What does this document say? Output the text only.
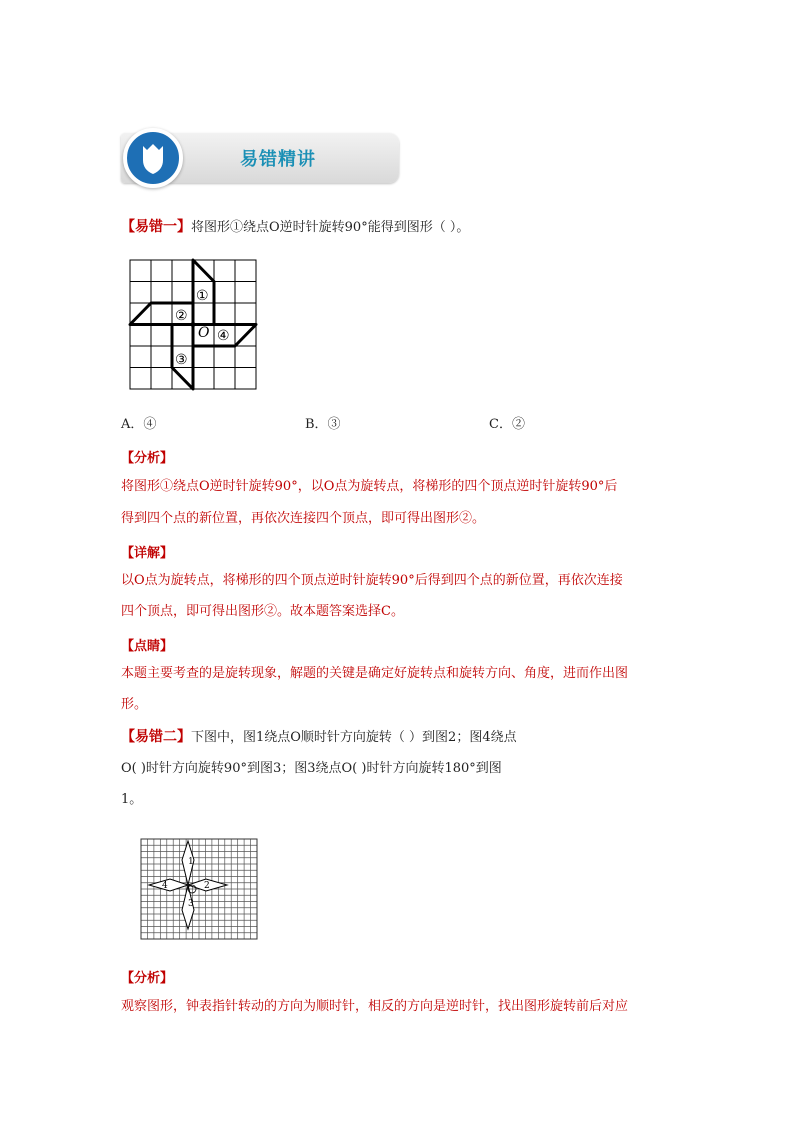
易错精讲
【易错一】将图形①绕点O逆时针旋转90°能得到图形（ ）。
①
②
O ④
③
A．④	B．③	C．②
【分析】
将图形①绕点O逆时针旋转90°，以O点为旋转点，将梯形的四个顶点逆时针旋转90°后
得到四个点的新位置，再依次连接四个顶点，即可得出图形②。
【详解】
以O点为旋转点，将梯形的四个顶点逆时针旋转90°后得到四个点的新位置，再依次连接
四个顶点，即可得出图形②。故本题答案选择C。
【点睛】
本题主要考查的是旋转现象，解题的关键是确定好旋转点和旋转方向、角度，进而作出图
形。
【易错二】下图中，图1绕点O顺时针方向旋转（ ）到图2；图4绕点
O( )时针方向旋转90°到图3；图3绕点O( )时针方向旋转180°到图
1。
1
2
3
4
【分析】
观察图形，钟表指针转动的方向为顺时针，相反的方向是逆时针，找出图形旋转前后对应
